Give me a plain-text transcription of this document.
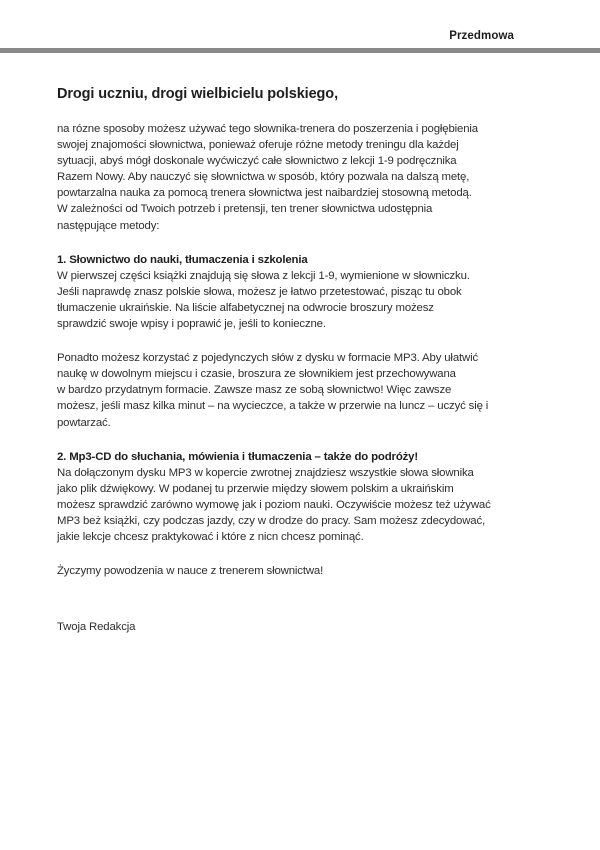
Przedmowa
Drogi uczniu, drogi wielbicielu polskiego,

na rózne sposoby możesz używać tego słownika-trenera do poszerzenia i pogłębienia
swojej znajomości słownictwa, ponieważ oferuje różne metody treningu dla każdej
sytuacji, abyś mógł doskonale wyćwiczyć całe słownictwo z lekcji 1-9 podręcznika
Razem Nowy. Aby nauczyć się słownictwa w sposób, który pozwala na dalszą metę,
powtarzalna nauka za pomocą trenera słownictwa jest naibardziej stosowną metodą.
W zależności od Twoich potrzeb i pretensji, ten trener słownictwa udostępnia
następujące metody:

1. Słownictwo do nauki, tłumaczenia i szkolenia
W pierwszej części książki znajdują się słowa z lekcji 1-9, wymienione w słowniczku.
Jeśli naprawdę znasz polskie słowa, możesz je łatwo przetestować, pisząc tu obok
tłumaczenie ukraińskie. Na liście alfabetycznej na odwrocie broszury możesz
sprawdzić swoje wpisy i poprawić je, jeśli to konieczne.

Ponadto możesz korzystać z pojedynczych słów z dysku w formacie MP3. Aby ułatwić
naukę w dowolnym miejscu i czasie, broszura ze słownikiem jest przechowywana
w bardzo przydatnym formacie. Zawsze masz ze sobą słownictwo! Więc zawsze
możesz, jeśli masz kilka minut – na wycieczce, a także w przerwie na luncz – uczyć się i
powtarzać.

2. Mp3-CD do słuchania, mówienia i tłumaczenia – także do podróży!
Na dołączonym dysku MP3 w kopercie zwrotnej znajdziesz wszystkie słowa słownika
jako plik dźwiękowy. W podanej tu przerwie między słowem polskim a ukraińskim
możesz sprawdzić zarówno wymowę jak i poziom nauki. Oczywiście możesz też używać
MP3 beż książki, czy podczas jazdy, czy w drodze do pracy. Sam możesz zdecydować,
jakie lekcje chcesz praktykować i które z nicn chcesz pominąć.

Życzymy powodzenia w nauce z trenerem słownictwa!

Twoja Redakcja
